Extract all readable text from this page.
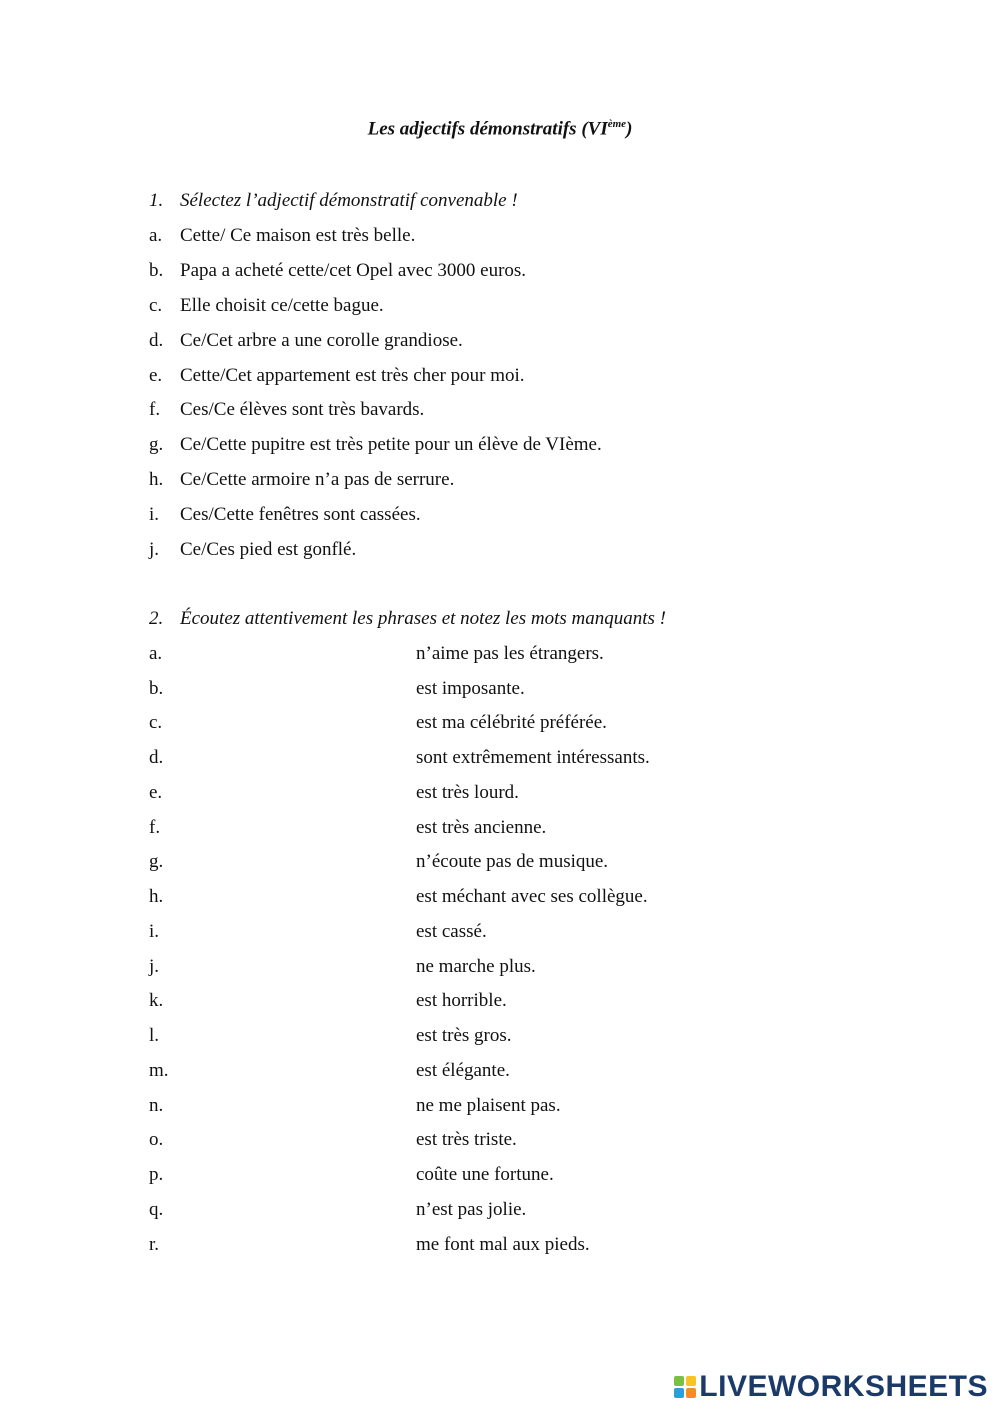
Les adjectifs démonstratifs (VIème)
1. Sélectez l’adjectif démonstratif convenable !
a. Cette/ Ce maison est très belle.
b. Papa a acheté cette/cet Opel avec 3000 euros.
c. Elle choisit ce/cette bague.
d. Ce/Cet arbre a une corolle grandiose.
e. Cette/Cet appartement est très cher pour moi.
f. Ces/Ce élèves sont très bavards.
g. Ce/Cette pupitre est très petite pour un élève de VIème.
h. Ce/Cette armoire n’a pas de serrure.
i. Ces/Cette fenêtres sont cassées.
j. Ce/Ces pied est gonflé.
2. Écoutez attentivement les phrases et notez les mots manquants !
a.	n’aime pas les étrangers.
b.	est imposante.
c.	est ma célébrité préférée.
d.	sont extrêmement intéressants.
e.	est très lourd.
f.	est très ancienne.
g.	n’écoute pas de musique.
h.	est méchant avec ses collègue.
i.	est cassé.
j.	ne marche plus.
k.	est horrible.
l.	est très gros.
m.	est élégante.
n.	ne me plaisent pas.
o.	est très triste.
p.	coûte une fortune.
q.	n’est pas jolie.
r.	me font mal aux pieds.
LIVEWORKSHEETS
